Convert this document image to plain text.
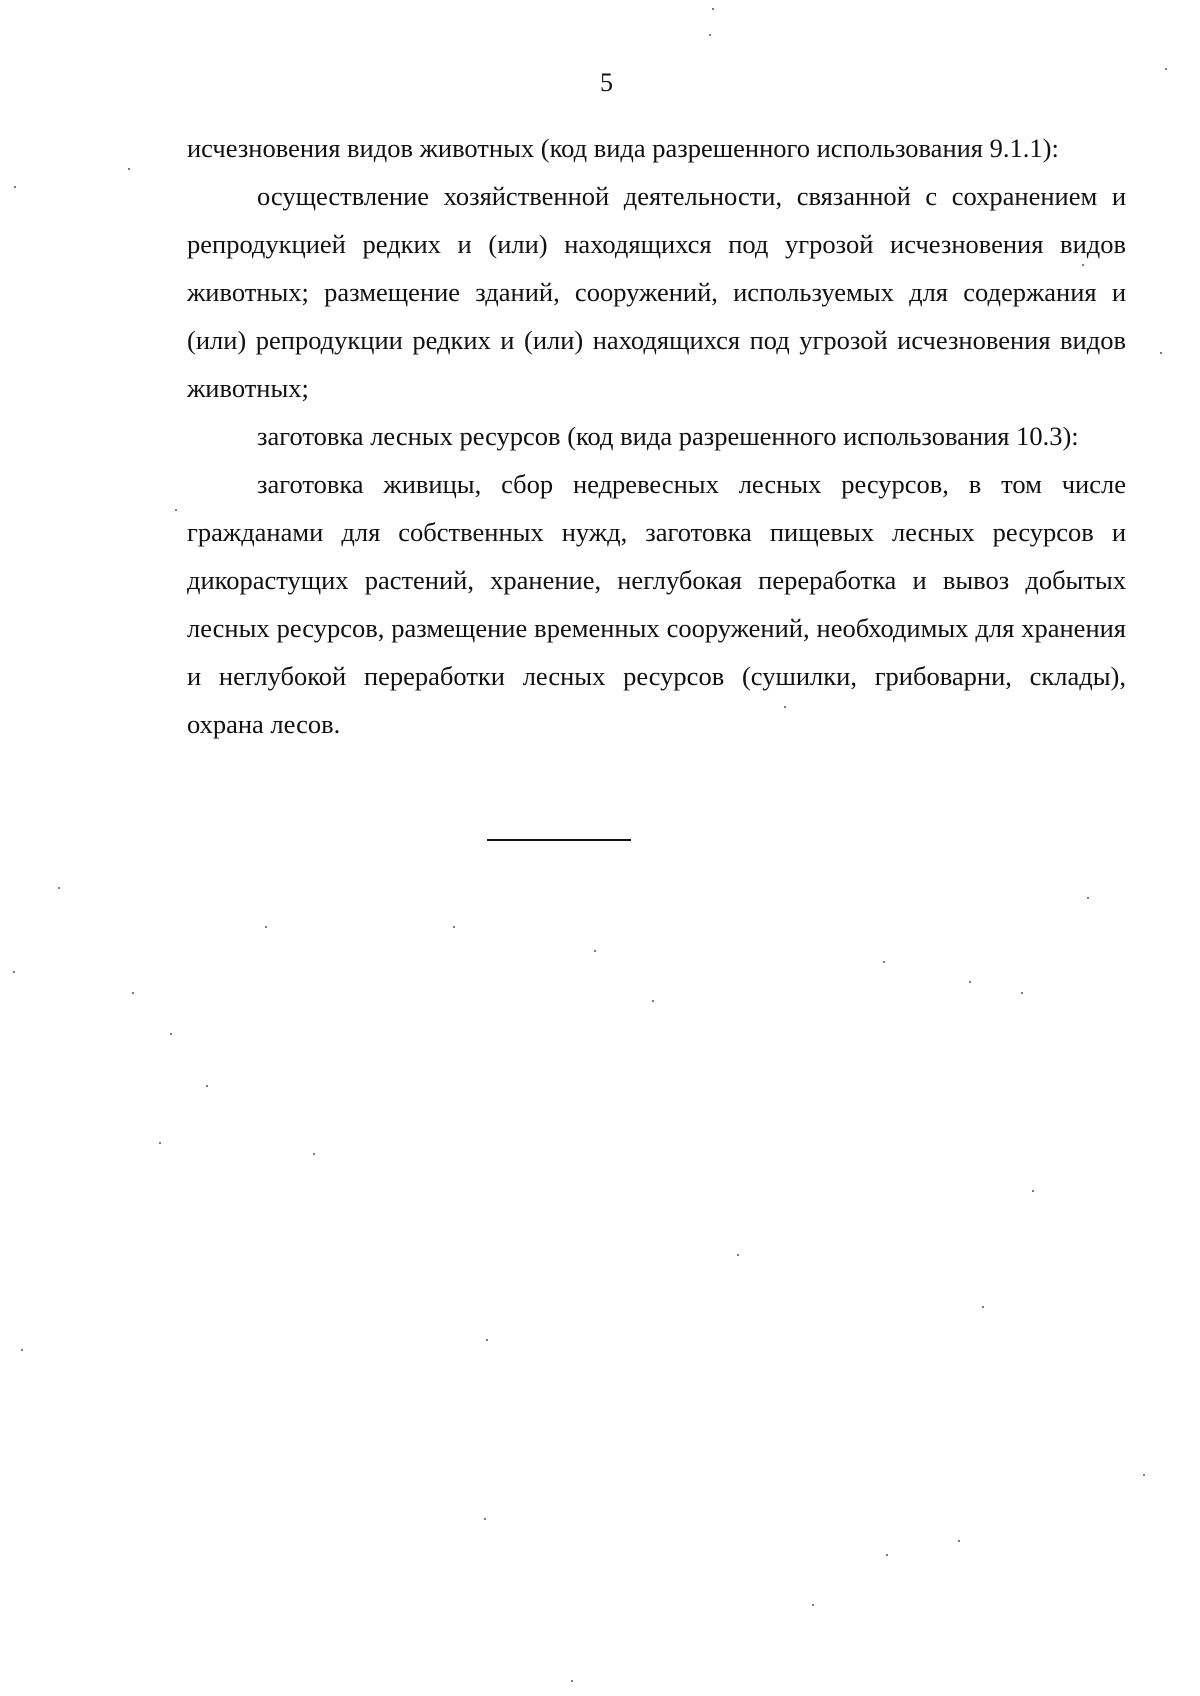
5

исчезновения видов животных (код вида разрешенного использования 9.1.1):

осуществление хозяйственной деятельности, связанной с сохранением и репродукцией редких и (или) находящихся под угрозой исчезновения видов животных; размещение зданий, сооружений, используемых для содержания и (или) репродукции редких и (или) находящихся под угрозой исчезновения видов животных;

заготовка лесных ресурсов (код вида разрешенного использования 10.3):

заготовка живицы, сбор недревесных лесных ресурсов, в том числе гражданами для собственных нужд, заготовка пищевых лесных ресурсов и дикорастущих растений, хранение, неглубокая переработка и вывоз добытых лесных ресурсов, размещение временных сооружений, необходимых для хранения и неглубокой переработки лесных ресурсов (сушилки, грибоварни, склады), охрана лесов.
